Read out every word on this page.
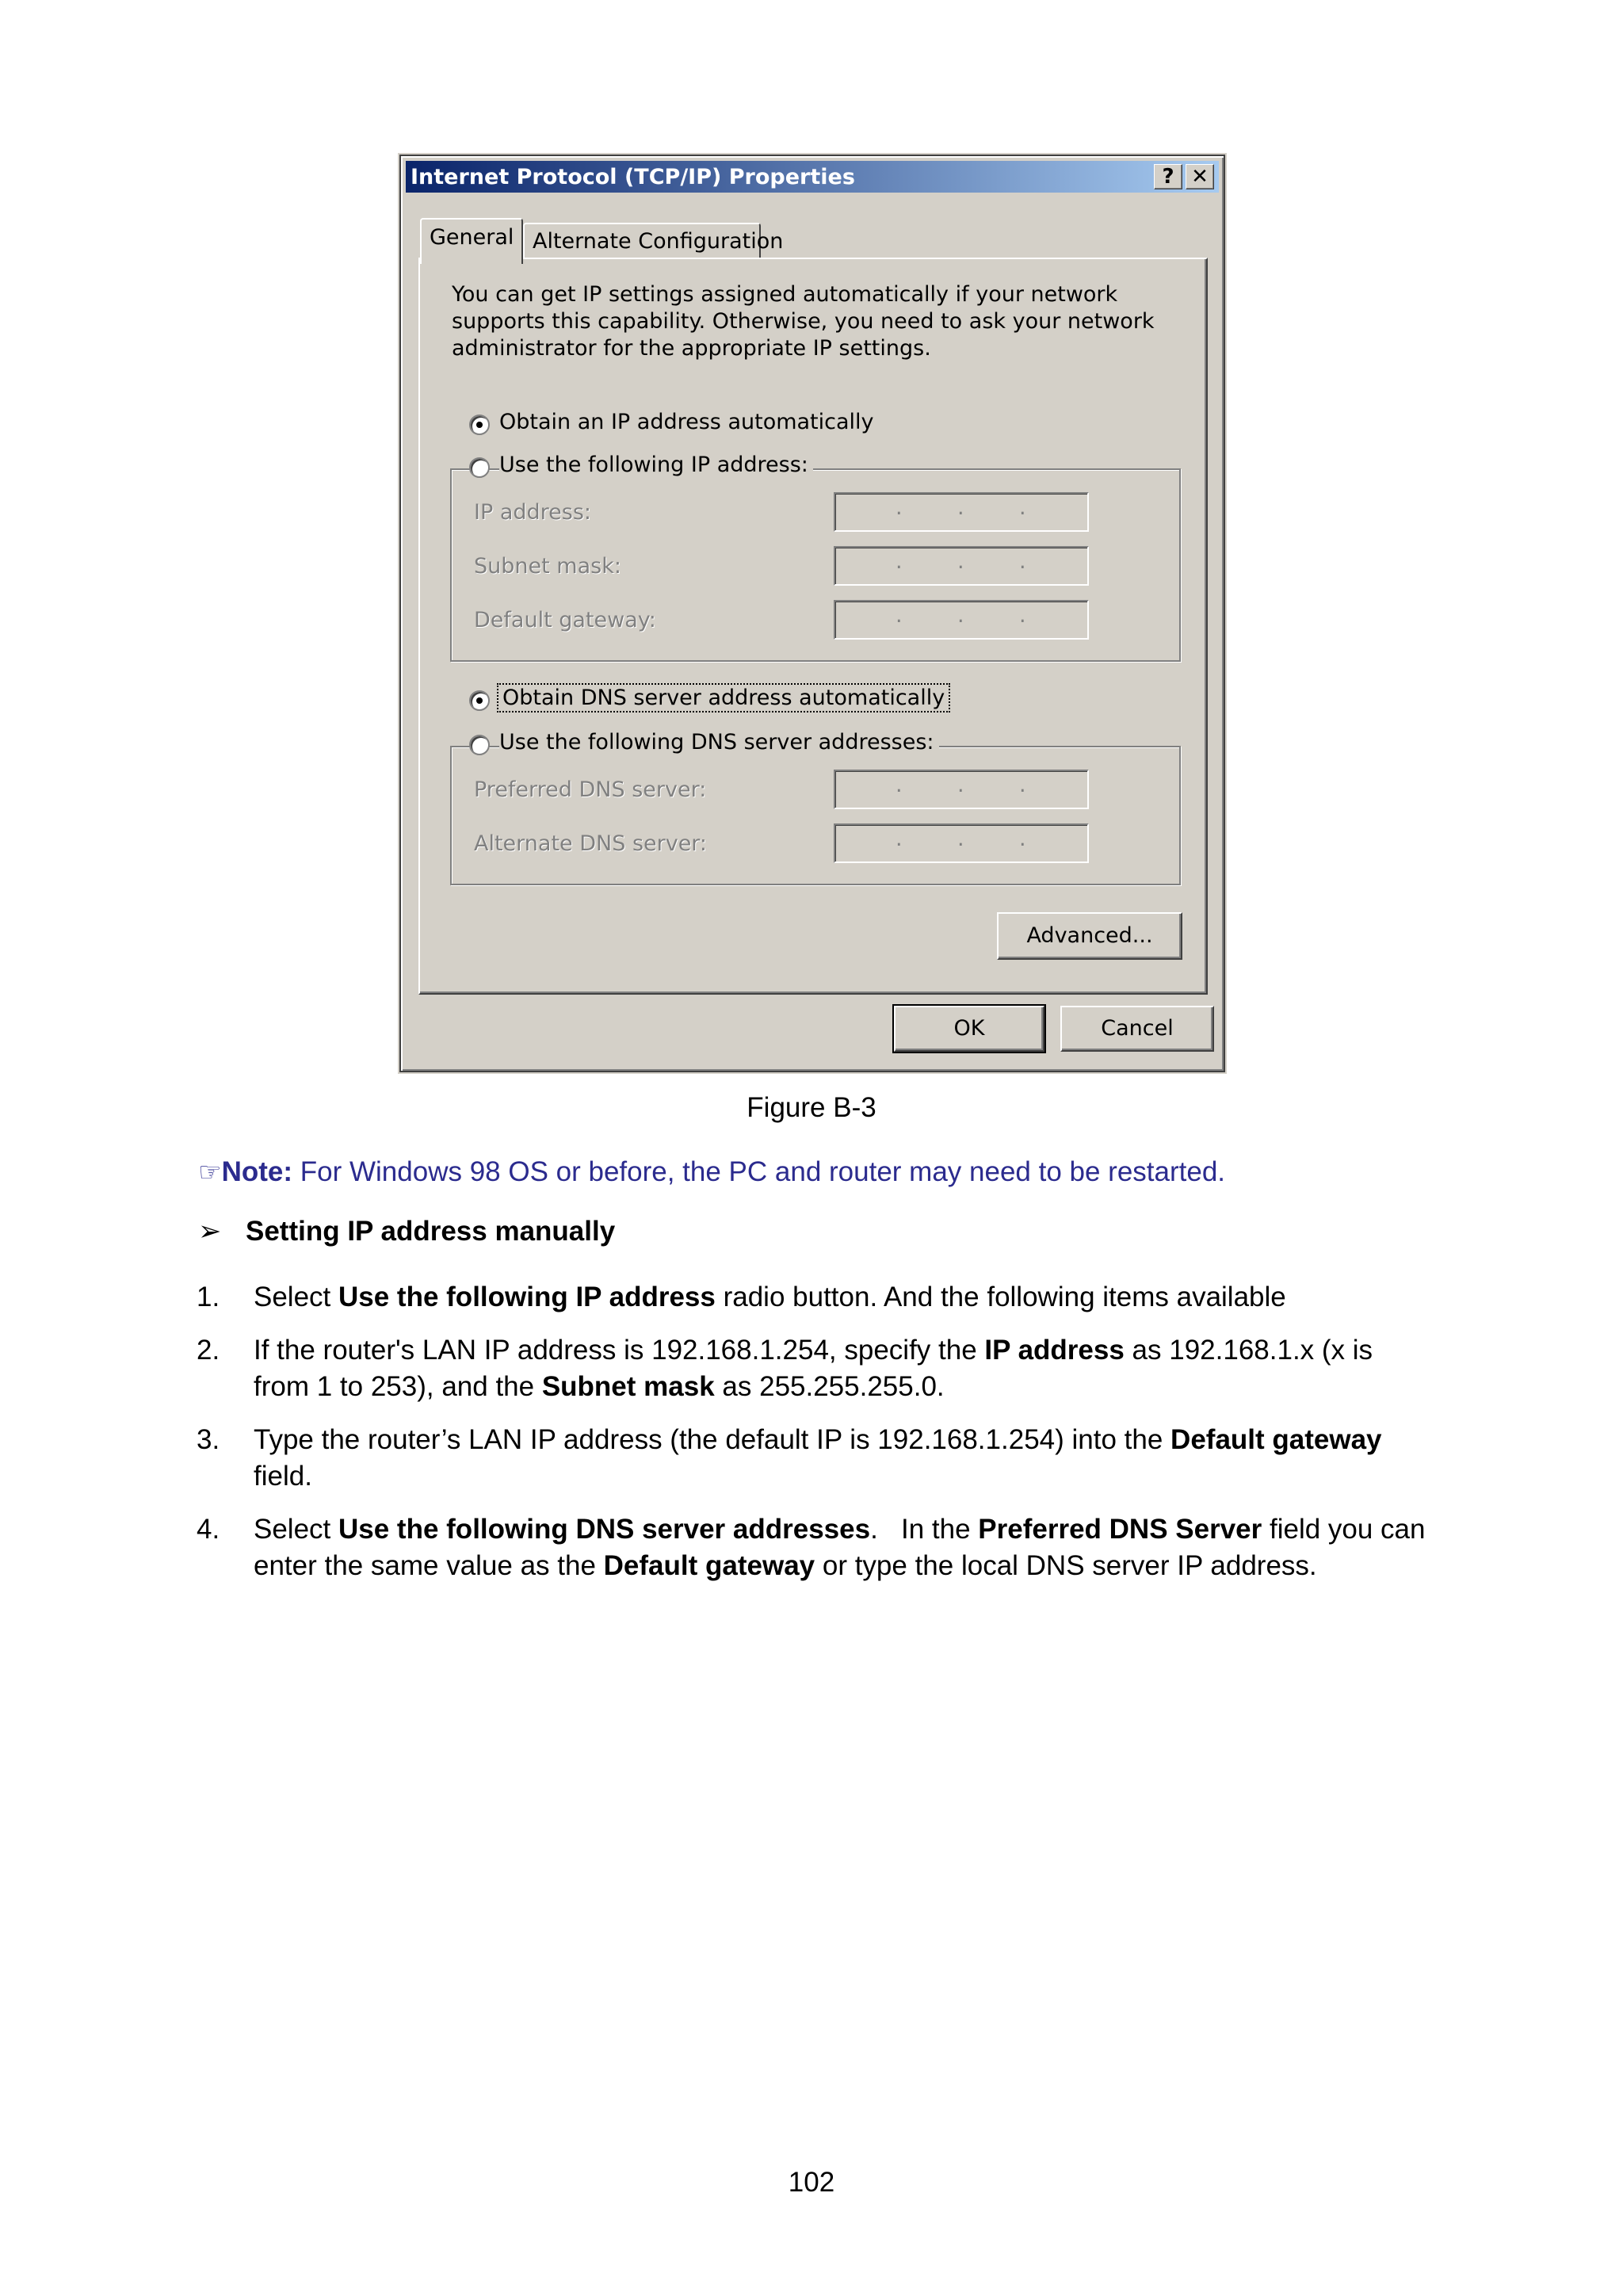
Internet Protocol (TCP/IP) Properties	? ✕
General Alternate Configuration
You can get IP settings assigned automatically if your network supports this capability. Otherwise, you need to ask your network administrator for the appropriate IP settings.
Obtain an IP address automatically
Use the following IP address:
IP address:	.	.	.
Subnet mask:	.	.	.
Default gateway:	.	.	.
Obtain DNS server address automatically
Use the following DNS server addresses:
Preferred DNS server:	.	.	.
Alternate DNS server:	.	.	.
Advanced...
OK	Cancel
Figure B-3
☞Note: For Windows 98 OS or before, the PC and router may need to be restarted.
➢ Setting IP address manually
1. Select Use the following IP address radio button. And the following items available
2. If the router's LAN IP address is 192.168.1.254, specify the IP address as 192.168.1.x (x is from 1 to 253), and the Subnet mask as 255.255.255.0.
3. Type the router’s LAN IP address (the default IP is 192.168.1.254) into the Default gateway field.
4. Select Use the following DNS server addresses.   In the Preferred DNS Server field you can enter the same value as the Default gateway or type the local DNS server IP address.
102
